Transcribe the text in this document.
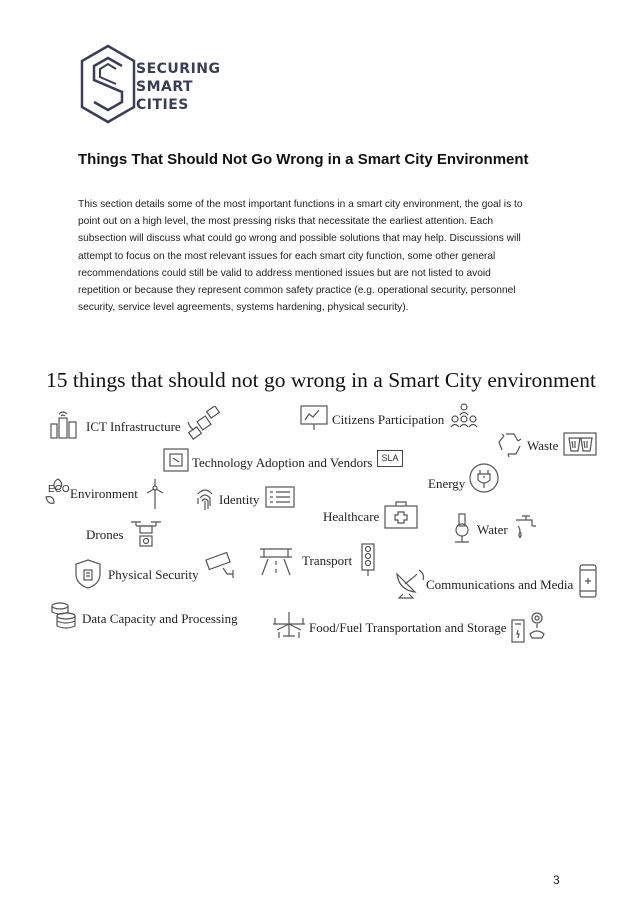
SECURING
SMART
CITIES
Things That Should Not Go Wrong in a Smart City Environment
This section details some of the most important functions in a smart city environment, the goal is to
point out on a high level, the most pressing risks that necessitate the earliest attention. Each
subsection will discuss what could go wrong and possible solutions that may help. Discussions will
attempt to focus on the most relevant issues for each smart city function, some other general
recommendations could still be valid to address mentioned issues but are not listed to avoid
repetition or because they represent common safety practice (e.g. operational security, personnel
security, service level agreements, systems hardening, physical security).
15 things that should not go wrong in a Smart City environment
ICT Infrastructure	Citizens Participation
Waste
Technology Adoption and Vendors	SLA
Energy
ECO Environment	Identity
Healthcare
Drones	Water
Physical Security
Transport
Communications and Media
Data Capacity and Processing
Food/Fuel Transportation and Storage
3
